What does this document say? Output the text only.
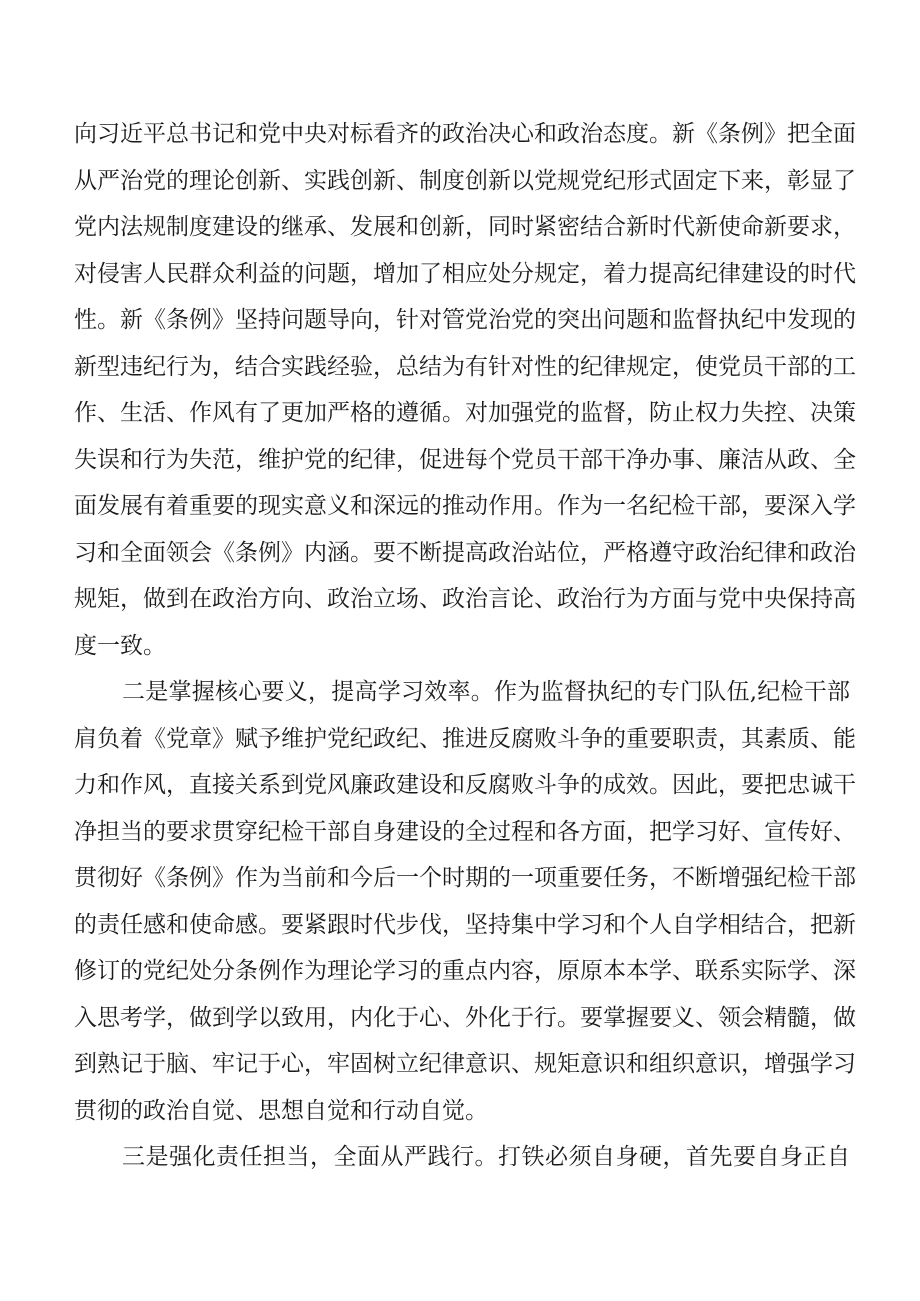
向习近平总书记和党中央对标看齐的政治决心和政治态度。新《条例》把全面
从严治党的理论创新、实践创新、制度创新以党规党纪形式固定下来，彰显了
党内法规制度建设的继承、发展和创新，同时紧密结合新时代新使命新要求，
对侵害人民群众利益的问题，增加了相应处分规定，着力提高纪律建设的时代
性。新《条例》坚持问题导向，针对管党治党的突出问题和监督执纪中发现的
新型违纪行为，结合实践经验，总结为有针对性的纪律规定，使党员干部的工
作、生活、作风有了更加严格的遵循。对加强党的监督，防止权力失控、决策
失误和行为失范，维护党的纪律，促进每个党员干部干净办事、廉洁从政、全
面发展有着重要的现实意义和深远的推动作用。作为一名纪检干部，要深入学
习和全面领会《条例》内涵。要不断提高政治站位，严格遵守政治纪律和政治
规矩，做到在政治方向、政治立场、政治言论、政治行为方面与党中央保持高
度一致。
二是掌握核心要义，提高学习效率。作为监督执纪的专门队伍,纪检干部
肩负着《党章》赋予维护党纪政纪、推进反腐败斗争的重要职责，其素质、能
力和作风，直接关系到党风廉政建设和反腐败斗争的成效。因此，要把忠诚干
净担当的要求贯穿纪检干部自身建设的全过程和各方面，把学习好、宣传好、
贯彻好《条例》作为当前和今后一个时期的一项重要任务，不断增强纪检干部
的责任感和使命感。要紧跟时代步伐，坚持集中学习和个人自学相结合，把新
修订的党纪处分条例作为理论学习的重点内容，原原本本学、联系实际学、深
入思考学，做到学以致用，内化于心、外化于行。要掌握要义、领会精髓，做
到熟记于脑、牢记于心，牢固树立纪律意识、规矩意识和组织意识，增强学习
贯彻的政治自觉、思想自觉和行动自觉。
三是强化责任担当，全面从严践行。打铁必须自身硬，首先要自身正自
